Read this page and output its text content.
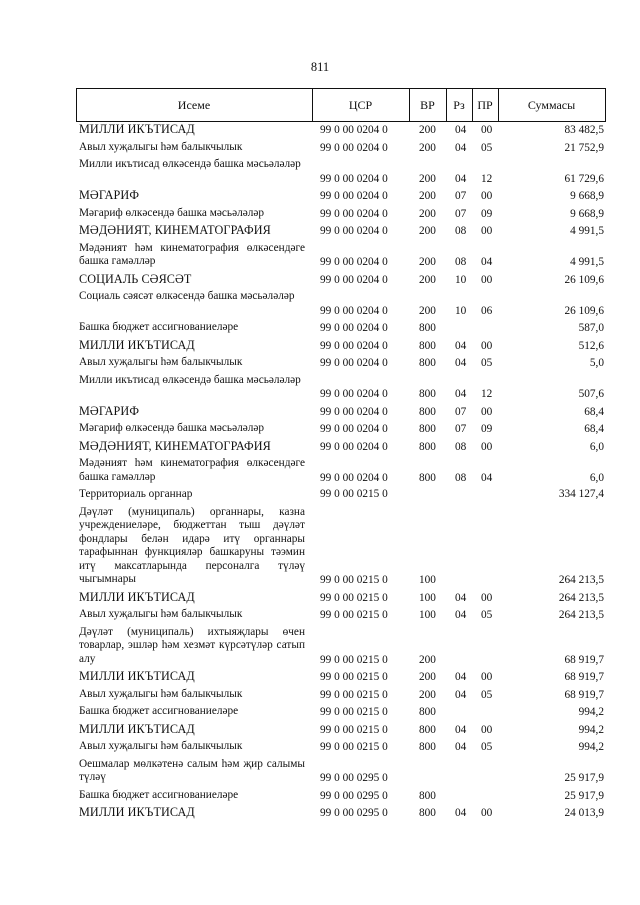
811
Исеме	ЦСР	ВР	Рз	ПР	Суммасы
МИЛЛИ ИКЪТИСАД	99 0 00 0204 0	200 04 00	83 482,5
Авыл хуҗалыгы һәм балыкчылык	99 0 00 0204 0	200 04 05	21 752,9
Милли икътисад өлкәсендә башка мәсьәләләр
99 0 00 0204 0	200 04 12	61 729,6
МӘГАРИФ	99 0 00 0204 0	200 07 00	9 668,9
Мәгариф өлкәсендә башка мәсьәләләр	99 0 00 0204 0	200 07 09	9 668,9
МӘДӘНИЯТ, КИНЕМАТОГРАФИЯ	99 0 00 0204 0	200 08 00	4 991,5
Мәдәният һәм кинематография өлкәсендәге башка гамәлләр	99 0 00 0204 0	200 08 04	4 991,5
СОЦИАЛЬ СӘЯСӘТ	99 0 00 0204 0	200 10 00	26 109,6
Социаль сәясәт өлкәсендә башка мәсьәләләр
99 0 00 0204 0	200 10 06	26 109,6
Башка бюджет ассигнованиеләре	99 0 00 0204 0	800	587,0
МИЛЛИ ИКЪТИСАД	99 0 00 0204 0	800 04 00	512,6
Авыл хуҗалыгы һәм балыкчылык	99 0 00 0204 0	800 04 05	5,0
Милли икътисад өлкәсендә башка мәсьәләләр
99 0 00 0204 0	800 04 12	507,6
МӘГАРИФ	99 0 00 0204 0	800 07 00	68,4
Мәгариф өлкәсендә башка мәсьәләләр	99 0 00 0204 0	800 07 09	68,4
МӘДӘНИЯТ, КИНЕМАТОГРАФИЯ	99 0 00 0204 0	800 08 00	6,0
Мәдәният һәм кинематография өлкәсендәге башка гамәлләр	99 0 00 0204 0	800 08 04	6,0
Территориаль органнар	99 0 00 0215 0	334 127,4
Дәүләт (муниципаль) органнары, казна учреждениеләре, бюджеттан тыш дәүләт фондлары белән идарә итү органнары тарафыннан функцияләр башкаруны тәэмин итү максатларында персоналга түләү чыгымнары	99 0 00 0215 0	100	264 213,5
МИЛЛИ ИКЪТИСАД	99 0 00 0215 0	100 04 00	264 213,5
Авыл хуҗалыгы һәм балыкчылык	99 0 00 0215 0	100 04 05	264 213,5
Дәүләт (муниципаль) ихтыяҗлары өчен товарлар, эшләр һәм хезмәт күрсәтүләр сатып алу	99 0 00 0215 0	200	68 919,7
МИЛЛИ ИКЪТИСАД	99 0 00 0215 0	200 04 00	68 919,7
Авыл хуҗалыгы һәм балыкчылык	99 0 00 0215 0	200 04 05	68 919,7
Башка бюджет ассигнованиеләре	99 0 00 0215 0	800	994,2
МИЛЛИ ИКЪТИСАД	99 0 00 0215 0	800 04 00	994,2
Авыл хуҗалыгы һәм балыкчылык	99 0 00 0215 0	800 04 05	994,2
Оешмалар мөлкәтенә салым һәм җир салымы түләү	99 0 00 0295 0	25 917,9
Башка бюджет ассигнованиеләре	99 0 00 0295 0	800	25 917,9
МИЛЛИ ИКЪТИСАД	99 0 00 0295 0	800 04 00	24 013,9
